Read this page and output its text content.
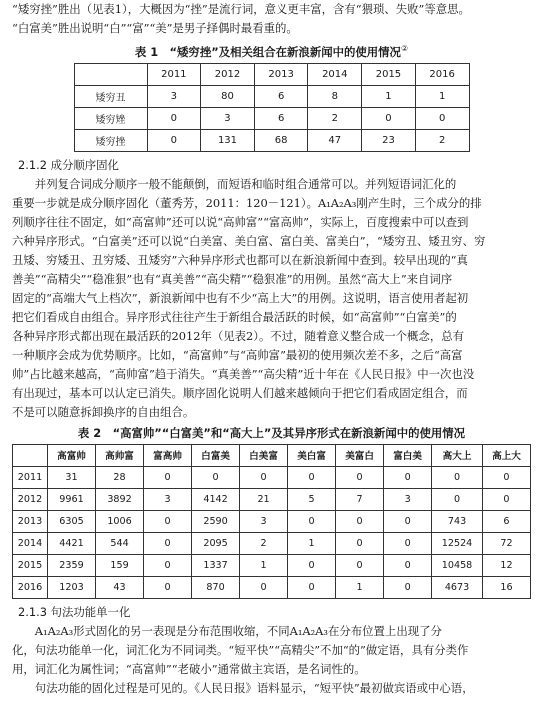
“矮穷挫”胜出（见表1），大概因为“挫”是流行词，意义更丰富，含有“猥琐、失败”等意思。

“白富美”胜出说明“白”“富”“美”是男子择偶时最看重的。

表 1　“矮穷挫”及相关组合在新浪新闻中的使用情况②
	2011	2012	2013	2014	2015	2016
矮穷丑	3	80	6	8	1	1
矮穷矬	0	3	6	2	0	0
矮穷挫	0	131	68	47	23	2
2.1.2 成分顺序固化

并列复合词成分顺序一般不能颠倒，而短语和临时组合通常可以。并列短语词汇化的

重要一步就是成分顺序固化（董秀芳，2011：120－121）。A₁A₂A₃刚产生时，三个成分的排

列顺序往往不固定，如“高富帅”还可以说“高帅富”“富高帅”，实际上，百度搜索中可以查到

六种异序形式。“白富美”还可以说“白美富、美白富、富白美、富美白”，“矮穷丑、矮丑穷、穷

丑矮、穷矮丑、丑穷矮、丑矮穷”六种异序形式也都可以在新浪新闻中查到。较早出现的“真

善美”“高精尖”“稳准狠”也有“真美善”“高尖精”“稳狠准”的用例。虽然“高大上”来自词序

固定的“高端大气上档次”，新浪新闻中也有不少“高上大”的用例。这说明，语言使用者起初

把它们看成自由组合。异序形式往往产生于新组合最活跃的时候，如“高富帅”“白富美”的

各种异序形式都出现在最活跃的2012年（见表2）。不过，随着意义整合成一个概念，总有

一种顺序会成为优势顺序。比如，“高富帅”与“高帅富”最初的使用频次差不多，之后“高富

帅”占比越来越高，“高帅富”趋于消失。“真美善”“高尖精”近十年在《人民日报》中一次也没

有出现过，基本可以认定已消失。顺序固化说明人们越来越倾向于把它们看成固定组合，而

不是可以随意拆卸换序的自由组合。

表 2　“高富帅”“白富美”和“高大上”及其异序形式在新浪新闻中的使用情况
	高富帅	高帅富	富高帅	白富美	白美富	美白富	美富白	富白美	高大上	高上大
2011	31	28	0	0	0	0	0	0	0	0
2012	9961	3892	3	4142	21	5	7	3	0	0
2013	6305	1006	0	2590	3	0	0	0	743	6
2014	4421	544	0	2095	2	1	0	0	12524	72
2015	2359	159	0	1337	1	0	0	0	10458	12
2016	1203	43	0	870	0	0	1	0	4673	16
2.1.3 句法功能单一化

A₁A₂A₃形式固化的另一表现是分布范围收缩，不同A₁A₂A₃在分布位置上出现了分

化，句法功能单一化，词汇化为不同词类。“短平快”“高精尖”不加“的”做定语，具有分类作

用，词汇化为属性词；“高富帅”“老破小”通常做主宾语，是名词性的。

句法功能的固化过程是可见的。《人民日报》语料显示，“短平快”最初做宾语或中心语，
